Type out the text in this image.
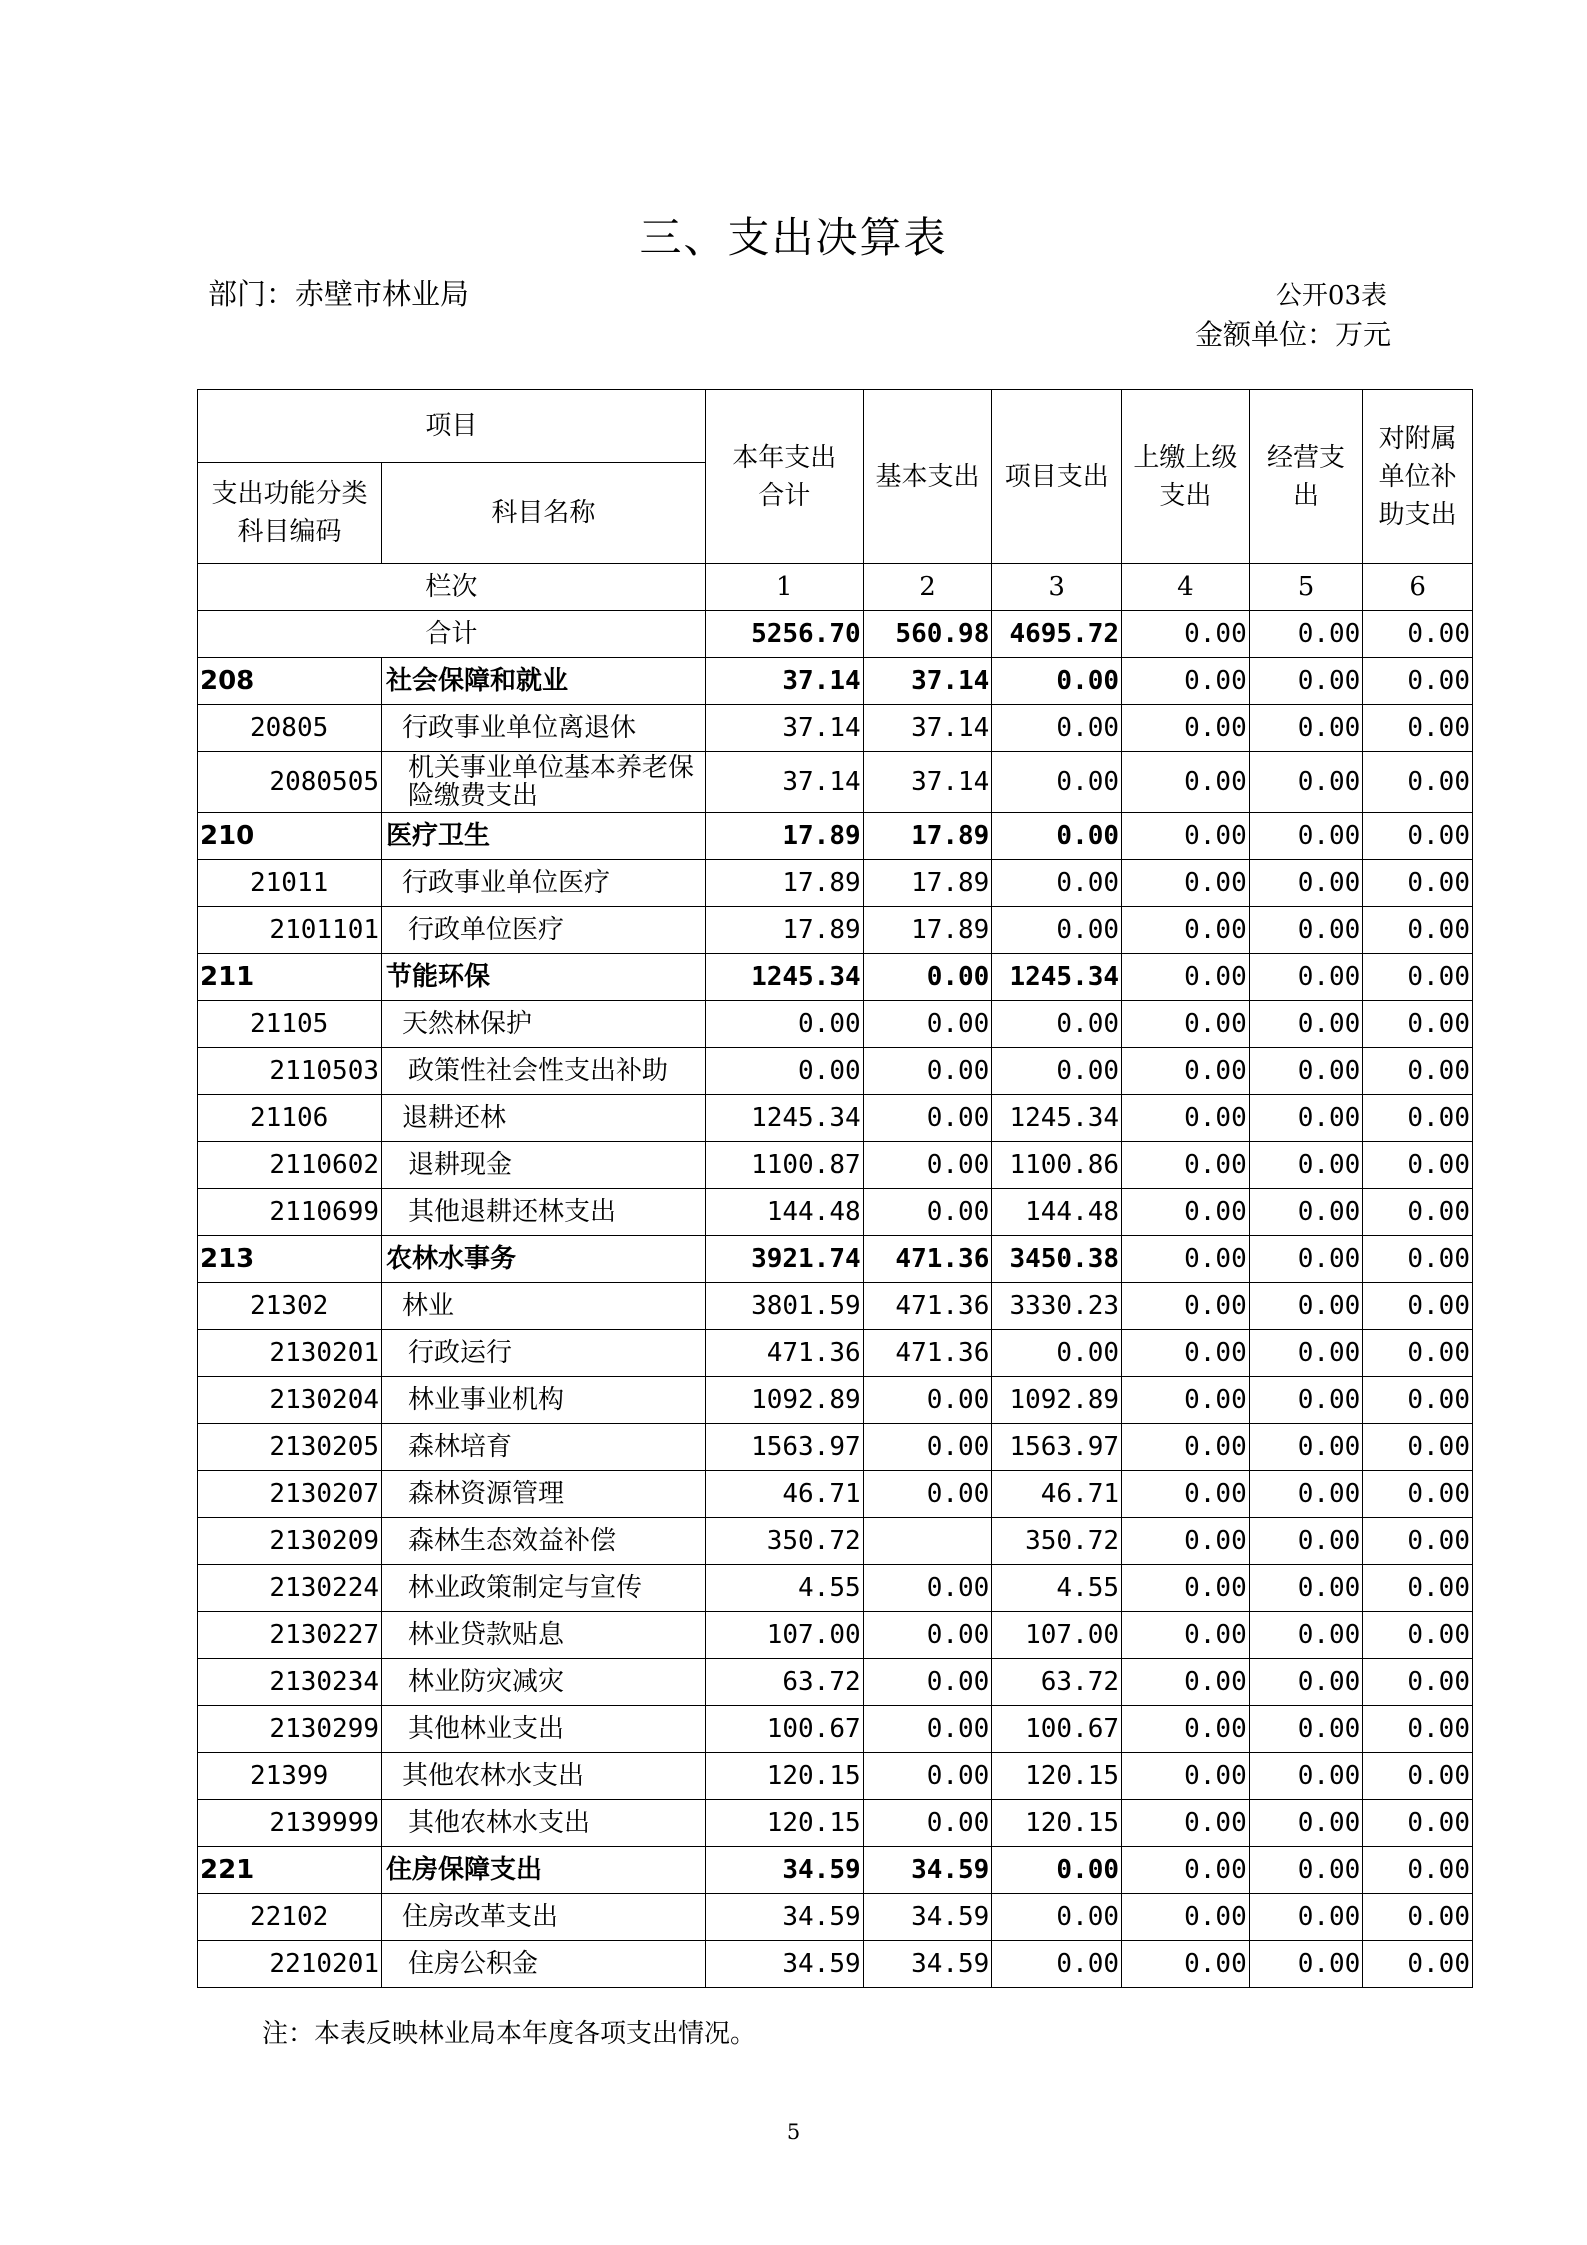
三、支出决算表
部门：赤壁市林业局	公开03表
金额单位：万元
项目		本年支出合计	基本支出	项目支出	上缴上级支出	经营支出	对附属单位补助支出
支出功能分类科目编码	科目名称						
栏次		1	2	3	4	5	6
合计		5256.70	560.98	4695.72	0.00	0.00	0.00
208	社会保障和就业	37.14	37.14	0.00	0.00	0.00	0.00
20805	行政事业单位离退休	37.14	37.14	0.00	0.00	0.00	0.00
2080505	机关事业单位基本养老保险缴费支出	37.14	37.14	0.00	0.00	0.00	0.00
210	医疗卫生	17.89	17.89	0.00	0.00	0.00	0.00
21011	行政事业单位医疗	17.89	17.89	0.00	0.00	0.00	0.00
2101101	行政单位医疗	17.89	17.89	0.00	0.00	0.00	0.00
211	节能环保	1245.34	0.00	1245.34	0.00	0.00	0.00
21105	天然林保护	0.00	0.00	0.00	0.00	0.00	0.00
2110503	政策性社会性支出补助	0.00	0.00	0.00	0.00	0.00	0.00
21106	退耕还林	1245.34	0.00	1245.34	0.00	0.00	0.00
2110602	退耕现金	1100.87	0.00	1100.86	0.00	0.00	0.00
2110699	其他退耕还林支出	144.48	0.00	144.48	0.00	0.00	0.00
213	农林水事务	3921.74	471.36	3450.38	0.00	0.00	0.00
21302	林业	3801.59	471.36	3330.23	0.00	0.00	0.00
2130201	行政运行	471.36	471.36	0.00	0.00	0.00	0.00
2130204	林业事业机构	1092.89	0.00	1092.89	0.00	0.00	0.00
2130205	森林培育	1563.97	0.00	1563.97	0.00	0.00	0.00
2130207	森林资源管理	46.71	0.00	46.71	0.00	0.00	0.00
2130209	森林生态效益补偿	350.72		350.72	0.00	0.00	0.00
2130224	林业政策制定与宣传	4.55	0.00	4.55	0.00	0.00	0.00
2130227	林业贷款贴息	107.00	0.00	107.00	0.00	0.00	0.00
2130234	林业防灾减灾	63.72	0.00	63.72	0.00	0.00	0.00
2130299	其他林业支出	100.67	0.00	100.67	0.00	0.00	0.00
21399	其他农林水支出	120.15	0.00	120.15	0.00	0.00	0.00
2139999	其他农林水支出	120.15	0.00	120.15	0.00	0.00	0.00
221	住房保障支出	34.59	34.59	0.00	0.00	0.00	0.00
22102	住房改革支出	34.59	34.59	0.00	0.00	0.00	0.00
2210201	住房公积金	34.59	34.59	0.00	0.00	0.00	0.00
注：本表反映林业局本年度各项支出情况。
5
